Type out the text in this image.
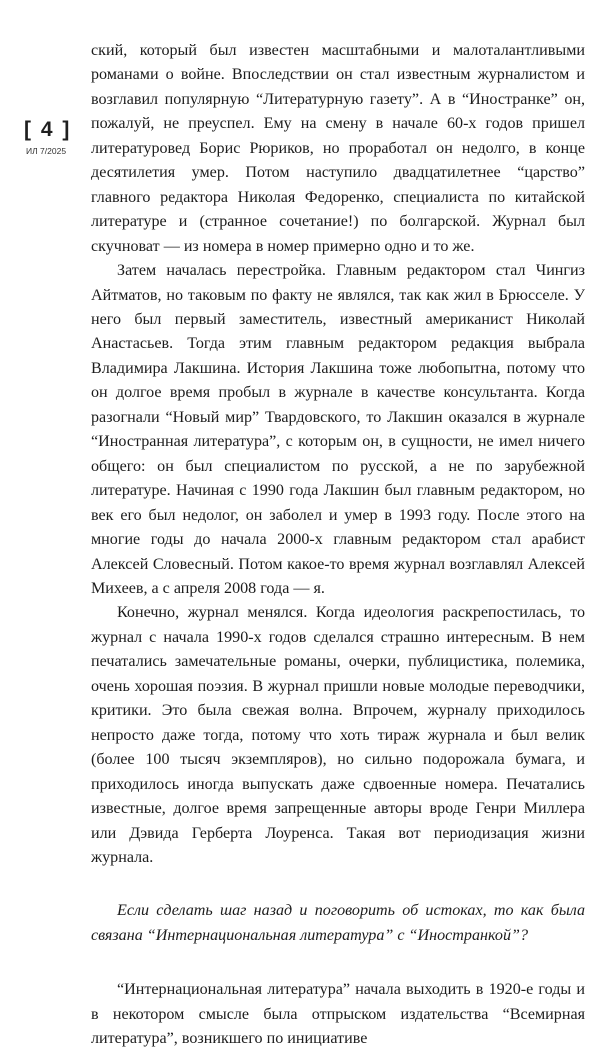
[ 4 ]
ИЛ 7/2025

ский, который был известен масштабными и малоталантливыми романами о войне. Впоследствии он стал известным журналистом и возглавил популярную “Литературную газету”. А в “Иностранке” он, пожалуй, не преуспел. Ему на смену в начале 60-х годов пришел литературовед Борис Рюриков, но проработал он недолго, в конце десятилетия умер. Потом наступило двадцатилетнее “царство” главного редактора Николая Федоренко, специалиста по китайской литературе и (странное сочетание!) по болгарской. Журнал был скучноват — из номера в номер примерно одно и то же.

Затем началась перестройка. Главным редактором стал Чингиз Айтматов, но таковым по факту не являлся, так как жил в Брюсселе. У него был первый заместитель, известный американист Николай Анастасьев. Тогда этим главным редактором редакция выбрала Владимира Лакшина. История Лакшина тоже любопытна, потому что он долгое время пробыл в журнале в качестве консультанта. Когда разогнали “Новый мир” Твардовского, то Лакшин оказался в журнале “Иностранная литература”, с которым он, в сущности, не имел ничего общего: он был специалистом по русской, а не по зарубежной литературе. Начиная с 1990 года Лакшин был главным редактором, но век его был недолог, он заболел и умер в 1993 году. После этого на многие годы до начала 2000-х главным редактором стал арабист Алексей Словесный. Потом какое-то время журнал возглавлял Алексей Михеев, а с апреля 2008 года — я.

Конечно, журнал менялся. Когда идеология раскрепостилась, то журнал с начала 1990-х годов сделался страшно интересным. В нем печатались замечательные романы, очерки, публицистика, полемика, очень хорошая поэзия. В журнал пришли новые молодые переводчики, критики. Это была свежая волна. Впрочем, журналу приходилось непросто даже тогда, потому что хоть тираж журнала и был велик (более 100 тысяч экземпляров), но сильно подорожала бумага, и приходилось иногда выпускать даже сдвоенные номера. Печатались известные, долгое время запрещенные авторы вроде Генри Миллера или Дэвида Герберта Лоуренса. Такая вот периодизация жизни журнала.

Если сделать шаг назад и поговорить об истоках, то как была связана “Интернациональная литература” с “Иностранкой”?

“Интернациональная литература” начала выходить в 1920-е годы и в некотором смысле была отпрыском издательства “Всемирная литература”, возникшего по инициативе
